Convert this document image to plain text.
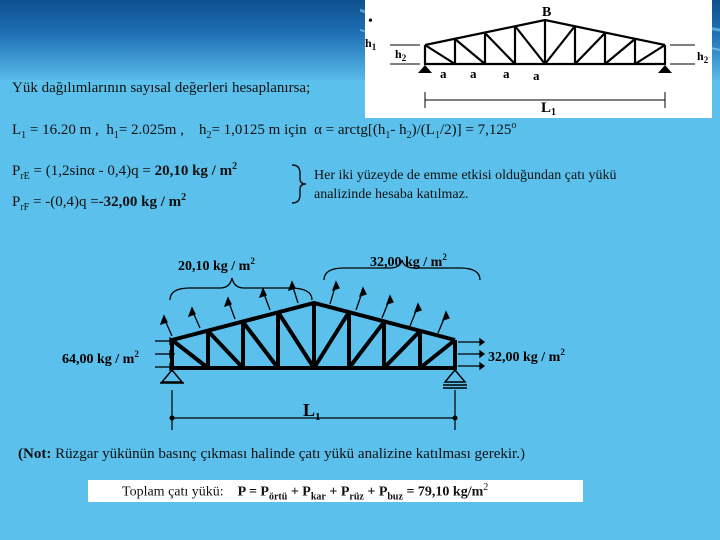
•
B
$h_1$ $h_2$	$h_2$
a a a a
$L_1$
Yük dağılımlarının sayısal değerleri hesaplanırsa;
$L_1 = 16.20$ m , $h_1= 2.025m$ , $h_2= 1,0125$ m için $\alpha = arctg[(h_1-$ $h_2)/(L_1/2)] = 7,125^o$
$P_{rE} = (1,2\sin\alpha - 0,4)q = 20,10$ kg / $m^2$
$P_{rF} = -(0,4)q =-32,00$ kg / $m^2$
Her iki yüzeyde de emme etkisi olduğundan çatı yükü
analizinde hesaba katılmaz.
20,10 kg / $m^2$	32,00 kg / $m^2$
64,00 kg / $m^2$	32,00 kg / $m^2$
$L_1$
(Not: Rüzgar yükünün basınç çıkması halinde çatı yükü analizine katılması gerekir.)
Toplam çatı yükü: $P = P_{örtü} + P_{kar} + P_{rüz} + P_{buz} = 79,10$ $kg/m^2$
